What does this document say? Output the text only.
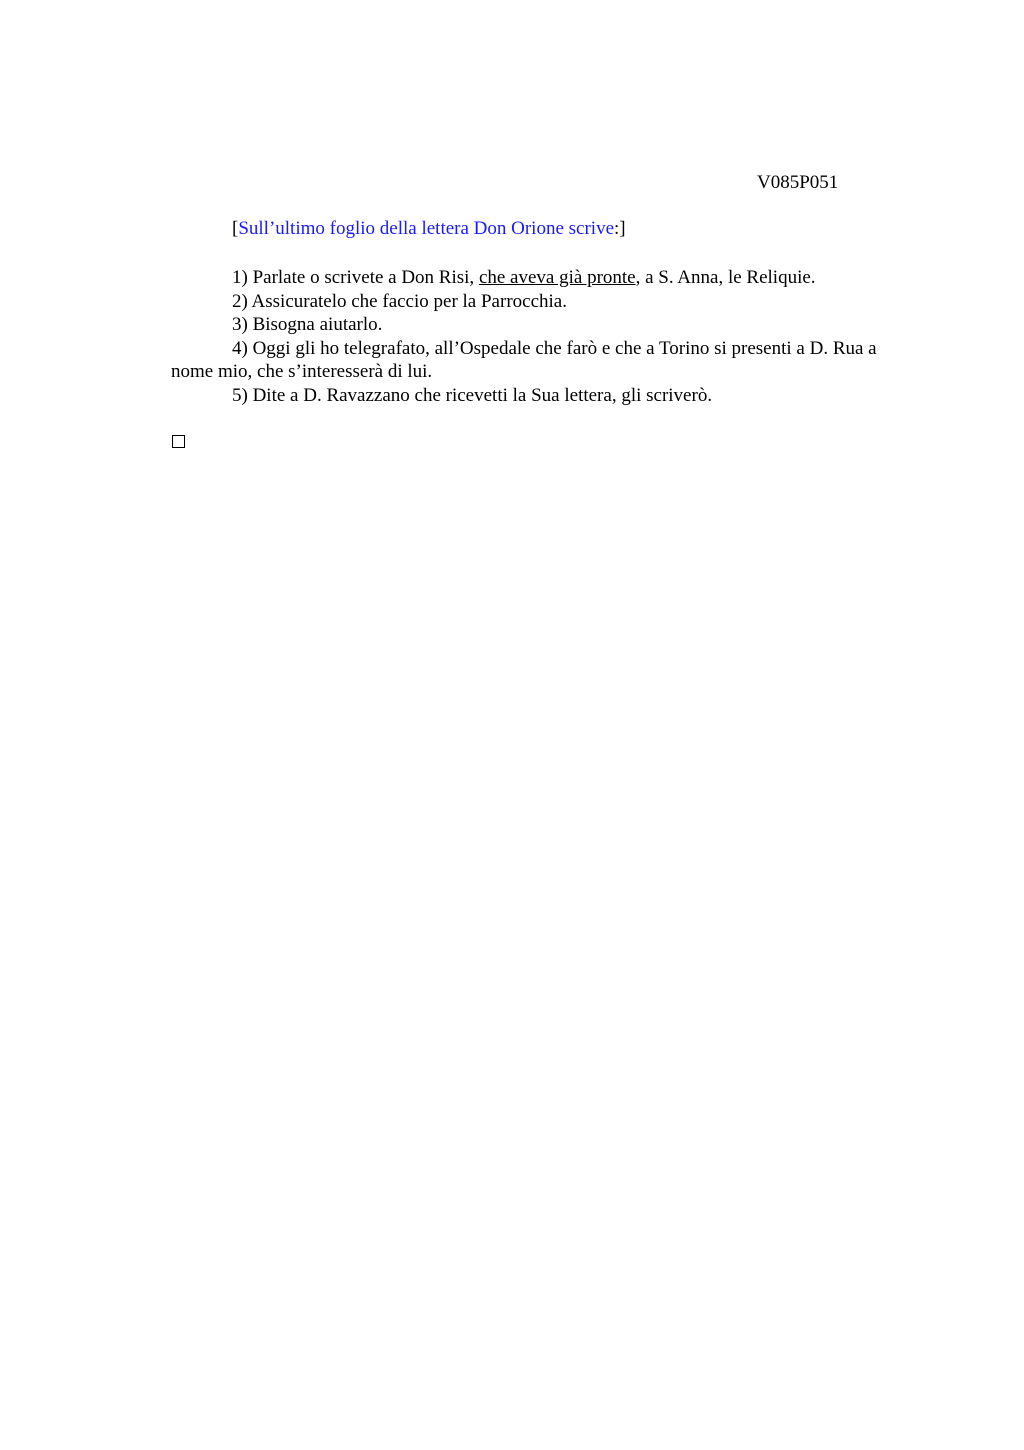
V085P051
[Sull’ultimo foglio della lettera Don Orione scrive:]

1) Parlate o scrivete a Don Risi, che aveva già pronte, a S. Anna, le Reliquie.

2) Assicuratelo che faccio per la Parrocchia.

3) Bisogna aiutarlo.

4) Oggi gli ho telegrafato, all’Ospedale che farò e che a Torino si presenti a D. Rua a nome mio, che s’interesserà di lui.

5) Dite a D. Ravazzano che ricevetti la Sua lettera, gli scriverò.
